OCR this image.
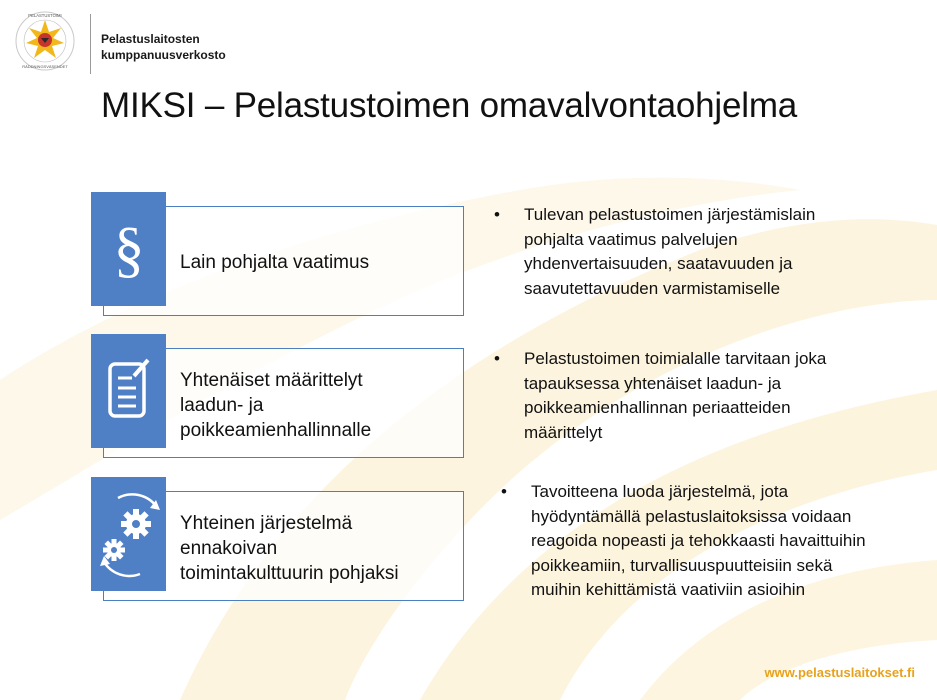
PELASTUSTOIMI
RÄDDNINGSVÄSENDET
Pelastuslaitosten
kumppanuusverkosto
MIKSI – Pelastustoimen omavalvontaohjelma
§ Lain pohjalta vaatimus
Yhtenäiset määrittelyt
laadun- ja
poikkeamienhallinnalle
Yhteinen järjestelmä
ennakoivan
toimintakulttuurin pohjaksi
• Tulevan pelastustoimen järjestämislain
pohjalta vaatimus palvelujen
yhdenvertaisuuden, saatavuuden ja
saavutettavuuden varmistamiselle
• Pelastustoimen toimialalle tarvitaan joka
tapauksessa yhtenäiset laadun- ja
poikkeamienhallinnan periaatteiden
määrittelyt
• Tavoitteena luoda järjestelmä, jota
hyödyntämällä pelastuslaitoksissa voidaan
reagoida nopeasti ja tehokkaasti havaittuihin
poikkeamiin, turvallisuuspuutteisiin sekä
muihin kehittämistä vaativiin asioihin
www.pelastuslaitokset.fi
